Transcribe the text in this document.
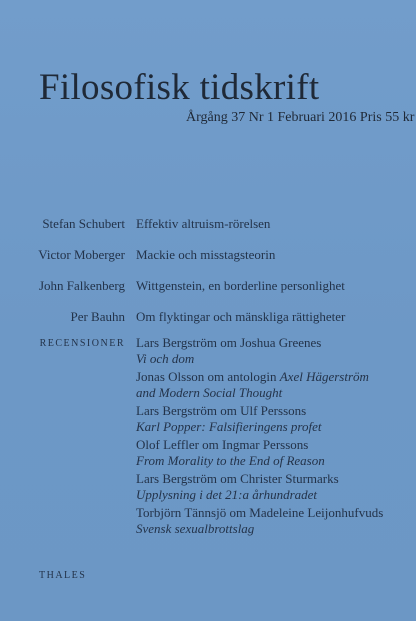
Filosofisk tidskrift
Årgång 37 Nr 1 Februari 2016 Pris 55 kr
Stefan Schubert Effektiv altruism-rörelsen
Victor Moberger Mackie och misstagsteorin
John Falkenberg Wittgenstein, en borderline personlighet
Per Bauhn Om flyktingar och mänskliga rättigheter
RECENSIONER Lars Bergström om Joshua Greenes
Vi och dom
Jonas Olsson om antologin Axel Hägerström
and Modern Social Thought
Lars Bergström om Ulf Perssons
Karl Popper: Falsifieringens profet
Olof Leffler om Ingmar Perssons
From Morality to the End of Reason
Lars Bergström om Christer Sturmarks
Upplysning i det 21:a århundradet
Torbjörn Tännsjö om Madeleine Leijonhufvuds
Svensk sexualbrottslag
THALES
